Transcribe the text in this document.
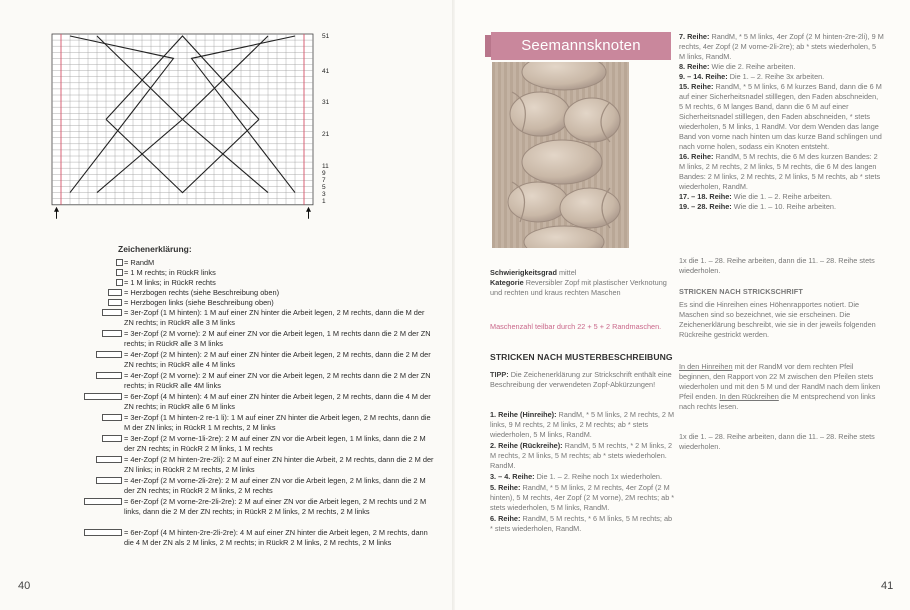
51
41
31
21
11
9
7
5
3
1
Zeichenerklärung:
= RandM
= 1 M rechts; in RückR links
= 1 M links; in RückR rechts
= Herzbogen rechts (siehe Beschreibung oben)
= Herzbogen links (siehe Beschreibung oben)
= 3er-Zopf (1 M hinten): 1 M auf einer ZN hinter die Arbeit legen, 2 M rechts, dann die M der ZN rechts; in RückR alle 3 M links
= 3er-Zopf (2 M vorne): 2 M auf einer ZN vor die Arbeit legen, 1 M rechts dann die 2 M der ZN rechts; in RückR alle 3 M links
= 4er-Zopf (2 M hinten): 2 M auf einer ZN hinter die Arbeit legen, 2 M rechts, dann die 2 M der ZN rechts; in RückR alle 4 M links
= 4er-Zopf (2 M vorne): 2 M auf einer ZN vor die Arbeit legen, 2 M rechts dann die 2 M der ZN rechts; in RückR alle 4M links
= 6er-Zopf (4 M hinten): 4 M auf einer ZN hinter die Arbeit legen, 2 M rechts, dann die 4 M der ZN rechts; in RückR alle 6 M links
= 3er-Zopf (1 M hinten-2 re-1 li): 1 M auf einer ZN hinter die Arbeit legen, 2 M rechts, dann die M der ZN links; in RückR 1 M rechts, 2 M links
= 3er-Zopf (2 M vorne-1li-2re): 2 M auf einer ZN vor die Arbeit legen, 1 M links, dann die 2 M der ZN rechts; in RückR 2 M links, 1 M rechts
= 4er-Zopf (2 M hinten-2re-2li): 2 M auf einer ZN hinter die Arbeit, 2 M rechts, dann die 2 M der ZN links; in RückR 2 M rechts, 2 M links
= 4er-Zopf (2 M vorne-2li-2re): 2 M auf einer ZN vor die Arbeit legen, 2 M links, dann die 2 M der ZN rechts; in RückR 2 M links, 2 M rechts
= 6er-Zopf (2 M vorne-2re-2li-2re): 2 M auf einer ZN vor die Arbeit legen, 2 M rechts und 2 M links, dann die 2 M der ZN rechts; in RückR 2 M links, 2 M rechts, 2 M links
= 6er-Zopf (4 M hinten-2re-2li-2re): 4 M auf einer ZN hinter die Arbeit legen, 2 M rechts, dann die 4 M der ZN als 2 M links, 2 M rechts; in RückR 2 M links, 2 M rechts, 2 M links
40
Seemannsknoten
Schwierigkeitsgrad mittel
Kategorie Reversibler Zopf mit plastischer Verknotung und rechten und kraus rechten Maschen
Maschenzahl teilbar durch 22 + 5 + 2 Randmaschen.
STRICKEN NACH MUSTERBESCHREIBUNG
TIPP: Die Zeichenerklärung zur Strickschrift enthält eine Beschreibung der verwendeten Zopf-Abkürzungen!
1. Reihe (Hinreihe): RandM, * 5 M links, 2 M rechts, 2 M links, 9 M rechts, 2 M links, 2 M rechts; ab * stets wiederholen, 5 M links, RandM.
2. Reihe (Rückreihe): RandM, 5 M rechts, * 2 M links, 2 M rechts, 2 M links, 5 M rechts; ab * stets wiederholen. RandM.
3. – 4. Reihe: Die 1. – 2. Reihe noch 1x wiederholen.
5. Reihe: RandM, * 5 M links, 2 M rechts, 4er Zopf (2 M hinten), 5 M rechts, 4er Zopf (2 M vorne), 2M rechts; ab * stets wiederholen, 5 M links, RandM.
6. Reihe: RandM, 5 M rechts, * 6 M links, 5 M rechts; ab * stets wiederholen, RandM.
7. Reihe: RandM, * 5 M links, 4er Zopf (2 M hinten-2re-2li), 9 M rechts, 4er Zopf (2 M vorne-2li-2re); ab * stets wiederholen, 5 M links, RandM.
8. Reihe: Wie die 2. Reihe arbeiten.
9. – 14. Reihe: Die 1. – 2. Reihe 3x arbeiten.
15. Reihe: RandM, * 5 M links, 6 M kurzes Band, dann die 6 M auf einer Sicherheitsnadel stilllegen, den Faden abschneiden, 5 M rechts, 6 M langes Band, dann die 6 M auf einer Sicherheitsnadel stilllegen, den Faden abschneiden, * stets wiederholen, 5 M links, 1 RandM. Vor dem Wenden das lange Band von vorne nach hinten um das kurze Band schlingen und nach vorne holen, sodass ein Knoten entsteht.
16. Reihe: RandM, 5 M rechts, die 6 M des kurzen Bandes: 2 M links, 2 M rechts, 2 M links, 5 M rechts, die 6 M des langen Bandes: 2 M links, 2 M rechts, 2 M links, 5 M rechts, ab * stets wiederholen, RandM.
17. – 18. Reihe: Wie die 1. – 2. Reihe arbeiten.
19. – 28. Reihe: Wie die 1. – 10. Reihe arbeiten.
1x die 1. – 28. Reihe arbeiten, dann die 11. – 28. Reihe stets wiederholen.
STRICKEN NACH STRICKSCHRIFT
Es sind die Hinreihen eines Höhenrapportes notiert. Die Maschen sind so bezeichnet, wie sie erscheinen. Die Zeichenerklärung beschreibt, wie sie in der jeweils folgenden Rückreihe gestrickt werden.
In den Hinreihen mit der RandM vor dem rechten Pfeil beginnen, den Rapport von 22 M zwischen den Pfeilen stets wiederholen und mit den 5 M und der RandM nach dem linken Pfeil enden. In den Rückreihen die M entsprechend von links nach rechts lesen.
1x die 1. – 28. Reihe arbeiten, dann die 11. – 28. Reihe stets wiederholen.
41
